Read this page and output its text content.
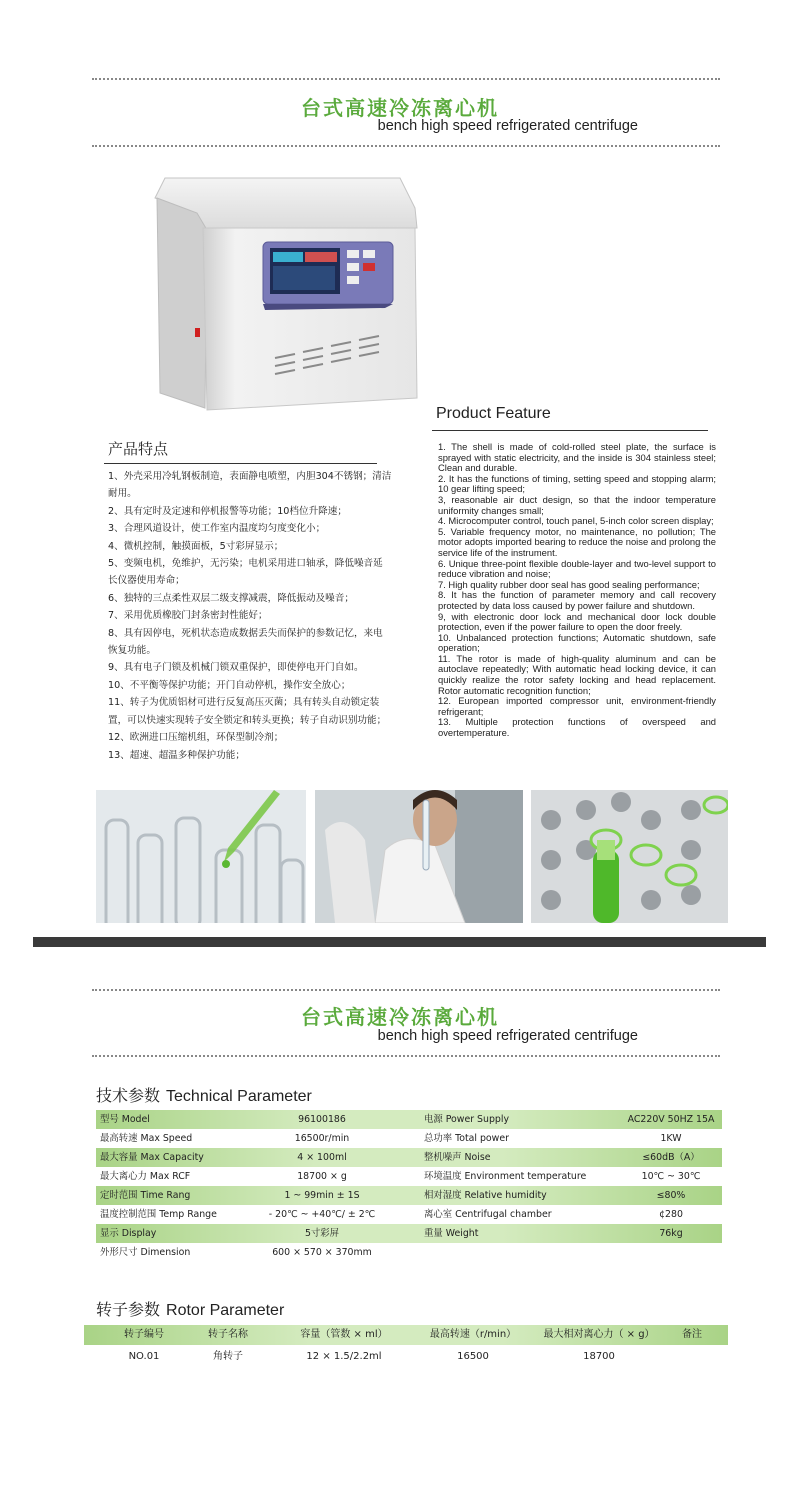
台式高速冷冻离心机
bench high speed refrigerated centrifuge
Product Feature

1. The shell is made of cold-rolled steel plate, the surface is sprayed with static electricity, and the inside is 304 stainless steel; Clean and durable.

2. It has the functions of timing, setting speed and stopping alarm; 10 gear lifting speed;

3, reasonable air duct design, so that the indoor temperature uniformity changes small;

4. Microcomputer control, touch panel, 5-inch color screen display;

5. Variable frequency motor, no maintenance, no pollution; The motor adopts imported bearing to reduce the noise and prolong the service life of the instrument.

6. Unique three-point flexible double-layer and two-level support to reduce vibration and noise;

7. High quality rubber door seal has good sealing performance;

8. It has the function of parameter memory and call recovery protected by data loss caused by power failure and shutdown.

9, with electronic door lock and mechanical door lock double protection, even if the power failure to open the door freely.

10. Unbalanced protection functions; Automatic shutdown, safe operation;

11. The rotor is made of high-quality aluminum and can be autoclave repeatedly; With automatic head locking device, it can quickly realize the rotor safety locking and head replacement. Rotor automatic recognition function;

12. European imported compressor unit, environment-friendly refrigerant;

13. Multiple protection functions of overspeed and overtemperature.

产品特点

1、外壳采用冷轧钢板制造，表面静电喷塑，内胆304不锈钢；清洁耐用。

2、具有定时及定速和停机报警等功能；10档位升降速；

3、合理风道设计，使工作室内温度均匀度变化小；

4、微机控制，触摸面板，5寸彩屏显示；

5、变频电机，免维护，无污染；电机采用进口轴承，降低噪音延长仪器使用寿命；

6、独特的三点柔性双层二级支撑减震，降低振动及噪音；

7、采用优质橡胶门封条密封性能好；

8、具有因停电，死机状态造成数据丢失而保护的参数记忆，来电恢复功能。

9、具有电子门锁及机械门锁双重保护，即使停电开门自如。

10、不平衡等保护功能；开门自动停机，操作安全放心；

11、转子为优质铝材可进行反复高压灭菌；具有转头自动锁定装置，可以快速实现转子安全锁定和转头更换；转子自动识别功能；

12、欧洲进口压缩机组，环保型制冷剂；

13、超速、超温多种保护功能；

台式高速冷冻离心机
bench high speed refrigerated centrifuge
技术参数 Technical Parameter
型号 Model	96100186	电源 Power Supply	AC220V 50HZ 15A
最高转速 Max Speed	16500r/min	总功率 Total power	1KW
最大容量 Max Capacity	4 × 100ml	整机噪声 Noise	≤60dB（A）
最大离心力 Max RCF	18700 × g	环境温度 Environment temperature	10℃ ~ 30℃
定时范围 Time Rang	1 ~ 99min ± 1S	相对湿度 Relative humidity	≤80%
温度控制范围 Temp Range	- 20℃ ~ +40℃/ ± 2℃	离心室 Centrifugal chamber	¢280
显示 Display	5寸彩屏	重量 Weight	76kg
外形尺寸 Dimension	600 × 570 × 370mm
转子参数 Rotor Parameter
转子编号	转子名称	容量（管数 × ml）	最高转速（r/min）	最大相对离心力（ × g）	备注
NO.01	角转子	12 × 1.5/2.2ml	16500	18700
